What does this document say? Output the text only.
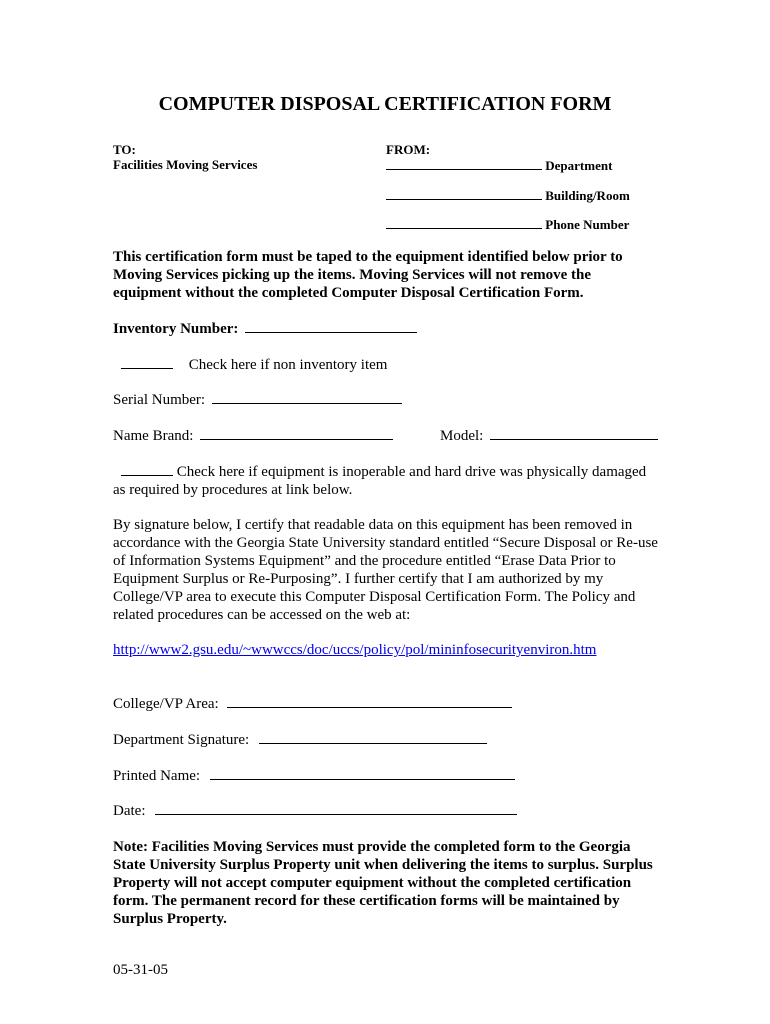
COMPUTER DISPOSAL CERTIFICATION FORM
TO:
Facilities Moving Services
FROM:
Department
Building/Room
Phone Number
This certification form must be taped to the equipment identified below prior to Moving Services picking up the items. Moving Services will not remove the equipment without the completed Computer Disposal Certification Form.
Inventory Number:
Check here if non inventory item
Serial Number:
Name Brand:	Model:
Check here if equipment is inoperable and hard drive was physically damaged as required by procedures at link below.
By signature below, I certify that readable data on this equipment has been removed in accordance with the Georgia State University standard entitled “Secure Disposal or Re-use of Information Systems Equipment” and the procedure entitled “Erase Data Prior to Equipment Surplus or Re-Purposing”. I further certify that I am authorized by my College/VP area to execute this Computer Disposal Certification Form. The Policy and related procedures can be accessed on the web at:
http://www2.gsu.edu/~wwwccs/doc/uccs/policy/pol/mininfosecurityenviron.htm
College/VP Area:
Department Signature:
Printed Name:
Date:
Note: Facilities Moving Services must provide the completed form to the Georgia State University Surplus Property unit when delivering the items to surplus. Surplus Property will not accept computer equipment without the completed certification form. The permanent record for these certification forms will be maintained by Surplus Property.
05-31-05
